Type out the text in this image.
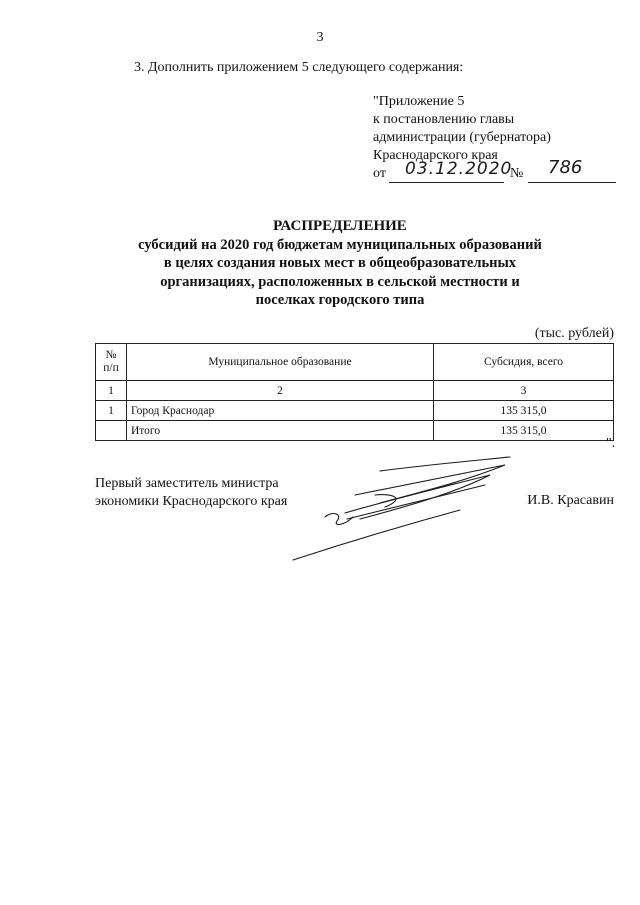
3
3. Дополнить приложением 5 следующего содержания:
"Приложение 5
к постановлению главы
администрации (губернатора)
Краснодарского края
от 03.12.2020
№ 786
РАСПРЕДЕЛЕНИЕ
субсидий на 2020 год бюджетам муниципальных образований
в целях создания новых мест в общеобразовательных
организациях, расположенных в сельской местности и
поселках городского типа
(тыс. рублей)
№
п/п	Муниципальное образование	Субсидия, всего
1	2	3
1	Город Краснодар	135 315,0
	Итого	135 315,0
".
Первый заместитель министра
экономики Краснодарского края	И.В. Красавин
